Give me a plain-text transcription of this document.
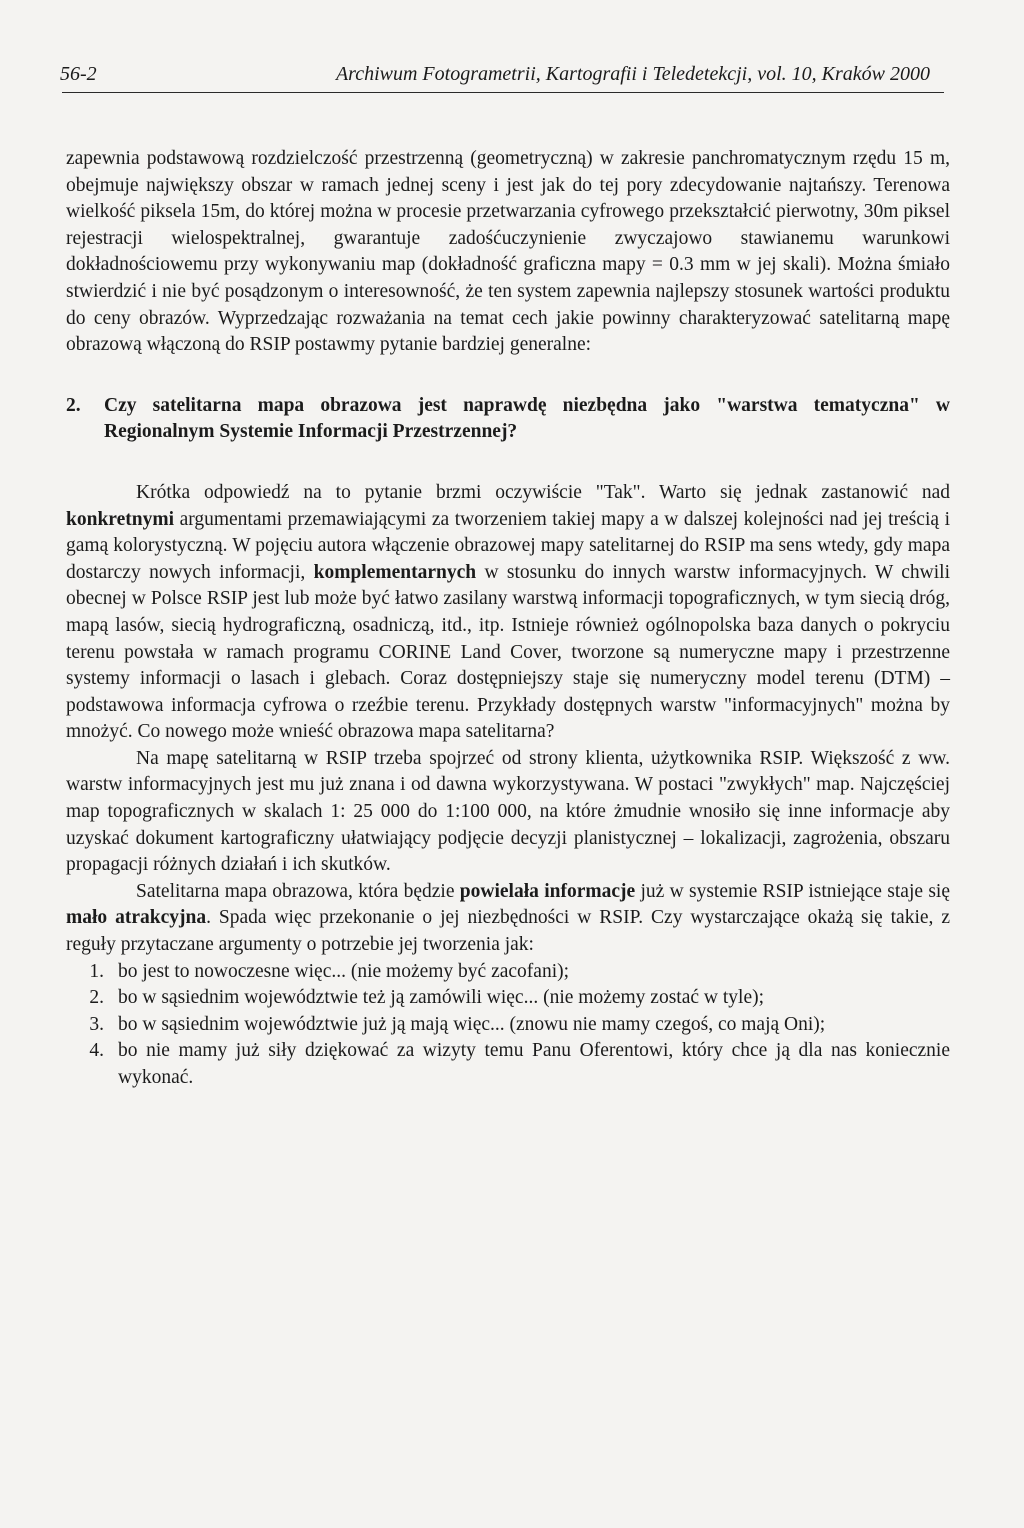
56-2	Archiwum Fotogrametrii, Kartografii i Teledetekcji, vol. 10, Kraków 2000

zapewnia podstawową rozdzielczość przestrzenną (geometryczną) w zakresie panchromatycznym rzędu 15 m, obejmuje największy obszar w ramach jednej sceny i jest jak do tej pory zdecydowanie najtańszy. Terenowa wielkość piksela 15m, do której można w procesie przetwarzania cyfrowego przekształcić pierwotny, 30m piksel rejestracji wielospektralnej, gwarantuje zadośćuczynienie zwyczajowo stawianemu warunkowi dokładnościowemu przy wykonywaniu map (dokładność graficzna mapy = 0.3 mm w jej skali). Można śmiało stwierdzić i nie być posądzonym o interesowność, że ten system zapewnia najlepszy stosunek wartości produktu do ceny obrazów. Wyprzedzając rozważania na temat cech jakie powinny charakteryzować satelitarną mapę obrazową włączoną do RSIP postawmy pytanie bardziej generalne:

2.	Czy satelitarna mapa obrazowa jest naprawdę niezbędna jako "warstwa tematyczna" w Regionalnym Systemie Informacji Przestrzennej?

Krótka odpowiedź na to pytanie brzmi oczywiście "Tak". Warto się jednak zastanowić nad konkretnymi argumentami przemawiającymi za tworzeniem takiej mapy a w dalszej kolejności nad jej treścią i gamą kolorystyczną. W pojęciu autora włączenie obrazowej mapy satelitarnej do RSIP ma sens wtedy, gdy mapa dostarczy nowych informacji, komplementarnych w stosunku do innych warstw informacyjnych. W chwili obecnej w Polsce RSIP jest lub może być łatwo zasilany warstwą informacji topograficznych, w tym siecią dróg, mapą lasów, siecią hydrograficzną, osadniczą, itd., itp. Istnieje również ogólnopolska baza danych o pokryciu terenu powstała w ramach programu CORINE Land Cover, tworzone są numeryczne mapy i przestrzenne systemy informacji o lasach i glebach. Coraz dostępniejszy staje się numeryczny model terenu (DTM) – podstawowa informacja cyfrowa o rzeźbie terenu. Przykłady dostępnych warstw "informacyjnych" można by mnożyć. Co nowego może wnieść obrazowa mapa satelitarna?

Na mapę satelitarną w RSIP trzeba spojrzeć od strony klienta, użytkownika RSIP. Większość z ww. warstw informacyjnych jest mu już znana i od dawna wykorzystywana. W postaci "zwykłych" map. Najczęściej map topograficznych w skalach 1: 25 000 do 1:100 000, na które żmudnie wnosiło się inne informacje aby uzyskać dokument kartograficzny ułatwiający podjęcie decyzji planistycznej – lokalizacji, zagrożenia, obszaru propagacji różnych działań i ich skutków.

Satelitarna mapa obrazowa, która będzie powielała informacje już w systemie RSIP istniejące staje się mało atrakcyjna. Spada więc przekonanie o jej niezbędności w RSIP. Czy wystarczające okażą się takie, z reguły przytaczane argumenty o potrzebie jej tworzenia jak:

1. bo jest to nowoczesne więc... (nie możemy być zacofani);
2. bo w sąsiednim województwie też ją zamówili więc... (nie możemy zostać w tyle);
3. bo w sąsiednim województwie już ją mają więc... (znowu nie mamy czegoś, co mają Oni);
4. bo nie mamy już siły dziękować za wizyty temu Panu Oferentowi, który chce ją dla nas koniecznie wykonać.
